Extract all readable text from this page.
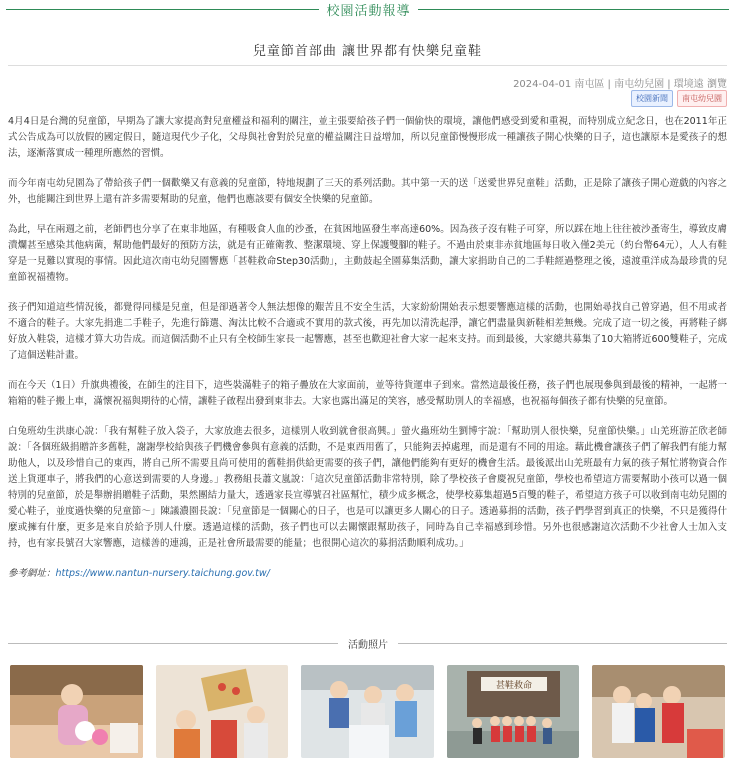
校園活動報導
兒童節首部曲 讓世界都有快樂兒童鞋
2024-04-01 南屯區 | 南屯幼兒園 | 環境遠 瀏覽
校園新聞	南屯幼兒園

4月4日是台灣的兒童節，早期為了讓大家提高對兒童權益和福利的關注，並主張要給孩子們一個偷快的環境，讓他們感受到愛和重視，而特別成立紀念日，也在2011年正式公告成為可以放假的國定假日，隨這現代少子化，父母與社會對於兒童的權益關注日益增加，所以兒童節慢慢形成一種讓孩子開心快樂的日子，這也讓原本是愛孩子的想法，逐漸落實成一種理所應然的習慣。

而今年南屯幼兒園為了帶給孩子們一個歡樂又有意義的兒童節，特地規劃了三天的系列活動。其中第一天的送「送愛世界兒童鞋」活動，正是除了讓孩子開心遊戲的內容之外，也能關注到世界上還有許多需要幫助的兒童，他們也應該要有個安全快樂的兒童節。

為此，早在兩週之前，老師們也分享了在東非地區，有種吸食人血的沙蚤，在貧困地區發生率高達60%。因為孩子沒有鞋子可穿，所以踩在地上往往被沙蚤寄生，導致皮膚潰爛甚至感染其他病菌，幫助他們最好的預防方法，就是有正確衛教、整潔環境、穿上保護雙腳的鞋子。不過由於東非赤貧地區每日收入僅2美元（約台幣64元），人人有鞋穿是一見難以實現的事情。因此這次南屯幼兒園響應「甚鞋救命Step30活動」，主動鼓起全園募集活動，讓大家捐助自己的二手鞋經過整理之後，遠渡重洋成為最珍貴的兒童節祝福禮物。

孩子們知道這些情況後，都覺得同樣是兒童，但是卻過著令人無法想像的艱苦且不安全生活，大家紛紛開始表示想要響應這樣的活動，也開始尋找自己曾穿過，但不用或者不適合的鞋子。大家先捐進二手鞋子，先進行篩選、淘汰比較不合適或不實用的款式後，再先加以清洗起淨，讓它們盡量與新鞋相差無幾。完成了這一切之後，再將鞋子綁好放入鞋袋，這樣才算大功告成。而這個活動不止只有全校師生家長一起響應，甚至也歡迎社會大家一起來支持。而到最後，大家總共募集了10大箱將近600雙鞋子，完成了這個送鞋計畫。

而在今天（1日）升旗典禮後，在師生的注目下，這些裝滿鞋子的箱子疊放在大家面前，並等待貨運車子到來。當然這最後任務，孩子們也展現參與到最後的精神，一起將一箱箱的鞋子搬上車，滿懷祝福與期待的心情，讓鞋子啟程出發到東非去。大家也露出滿足的笑容，感受幫助別人的幸福感，也祝福每個孩子都有快樂的兒童節。

白兔班幼生洪康心說：「我有幫鞋子放入袋子，大家放進去很多，這樣別人收到就會很高興。」螢火蟲班幼生劉博宇說：「幫助別人很快樂，兒童節快樂。」山羌班游芷欣老師說：「各個班級捐贈許多舊鞋，謝謝學校給與孩子們機會參與有意義的活動，不是東西用舊了，只能夠丟掉處理，而是還有不同的用途。藉此機會讓孩子們了解我們有能力幫助他人，以及珍惜自己的東西，將自己所不需要且尚可使用的舊鞋捐供給更需要的孩子們，讓他們能夠有更好的機會生活。最後派出山羌班最有力氣的孩子幫忙將物資合作送上貨運車子，將我們的心意送到需要的人身邊。」教務組長蕭文嵐說：「這次兒童節活動非常特別，除了學校孩子會慶祝兒童節，學校也希望這方需要幫助小孩可以過一個特別的兒童節，於是舉辦捐贈鞋子活動，果然團結力量大，透過家長宣導號召社區幫忙，積少成多概念，使學校募集超過5百雙的鞋子，希望這方孩子可以收到南屯幼兒園的愛心鞋子，並度過快樂的兒童節～」陳議濃園長說：「兒童節是一個關心的日子，也是可以讓更多人關心的日子。透過募捐的活動，孩子們學習到真正的快樂，不只是獲得什麼或擁有什麼，更多是來自於給予別人什麼。透過這樣的活動，孩子們也可以去關懷跟幫助孩子，同時為自己幸福感到珍惜。另外也很感謝這次活動不少社會人士加入支持，也有家長號召大家響應，這樣善的連鴻，正是社會所最需要的能量；也很開心這次的募捐活動順利成功。」

參考網址：https://www.nantun-nursery.taichung.gov.tw/

活動照片
甚鞋救命
